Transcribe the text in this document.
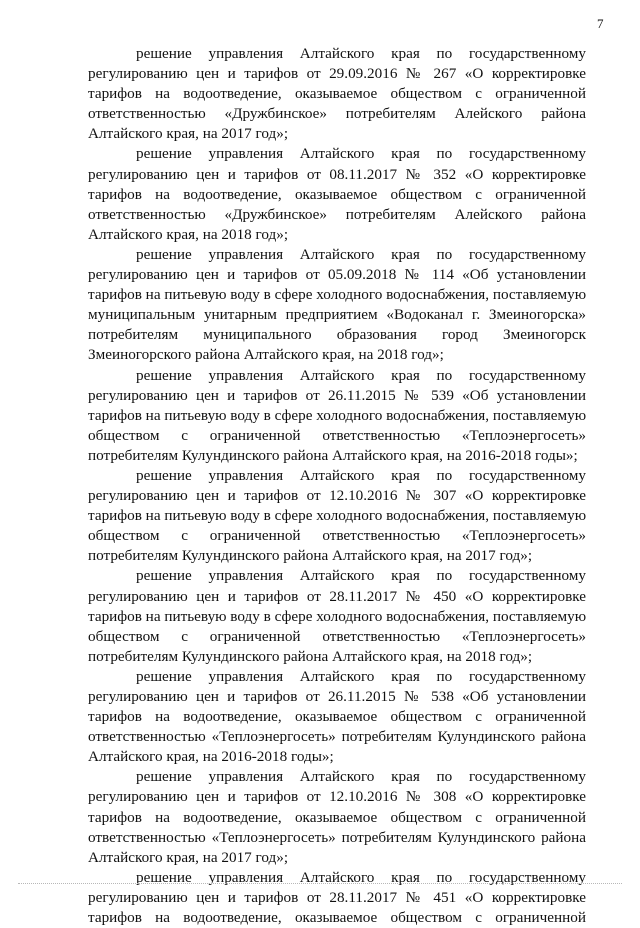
7
решение управления Алтайского края по государственному
регулированию цен и тарифов от 29.09.2016 № 267 «О корректировке
тарифов на водоотведение, оказываемое обществом с ограниченной
ответственностью «Дружбинское» потребителям Алейского района
Алтайского края, на 2017 год»;
решение управления Алтайского края по государственному
регулированию цен и тарифов от 08.11.2017 № 352 «О корректировке
тарифов на водоотведение, оказываемое обществом с ограниченной
ответственностью «Дружбинское» потребителям Алейского района
Алтайского края, на 2018 год»;
решение управления Алтайского края по государственному
регулированию цен и тарифов от 05.09.2018 № 114 «Об установлении
тарифов на питьевую воду в сфере холодного водоснабжения, поставляемую
муниципальным унитарным предприятием «Водоканал г. Змеиногорска»
потребителям муниципального образования город Змеиногорск
Змеиногорского района Алтайского края, на 2018 год»;
решение управления Алтайского края по государственному
регулированию цен и тарифов от 26.11.2015 № 539 «Об установлении
тарифов на питьевую воду в сфере холодного водоснабжения, поставляемую
обществом с ограниченной ответственностью «Теплоэнергосеть»
потребителям Кулундинского района Алтайского края, на 2016-2018 годы»;
решение управления Алтайского края по государственному
регулированию цен и тарифов от 12.10.2016 № 307 «О корректировке
тарифов на питьевую воду в сфере холодного водоснабжения, поставляемую
обществом с ограниченной ответственностью «Теплоэнергосеть»
потребителям Кулундинского района Алтайского края, на 2017 год»;
решение управления Алтайского края по государственному
регулированию цен и тарифов от 28.11.2017 № 450 «О корректировке
тарифов на питьевую воду в сфере холодного водоснабжения, поставляемую
обществом с ограниченной ответственностью «Теплоэнергосеть»
потребителям Кулундинского района Алтайского края, на 2018 год»;
решение управления Алтайского края по государственному
регулированию цен и тарифов от 26.11.2015 № 538 «Об установлении
тарифов на водоотведение, оказываемое обществом с ограниченной
ответственностью «Теплоэнергосеть» потребителям Кулундинского района
Алтайского края, на 2016-2018 годы»;
решение управления Алтайского края по государственному
регулированию цен и тарифов от 12.10.2016 № 308 «О корректировке
тарифов на водоотведение, оказываемое обществом с ограниченной
ответственностью «Теплоэнергосеть» потребителям Кулундинского района
Алтайского края, на 2017 год»;
решение управления Алтайского края по государственному
регулированию цен и тарифов от 28.11.2017 № 451 «О корректировке
тарифов на водоотведение, оказываемое обществом с ограниченной
